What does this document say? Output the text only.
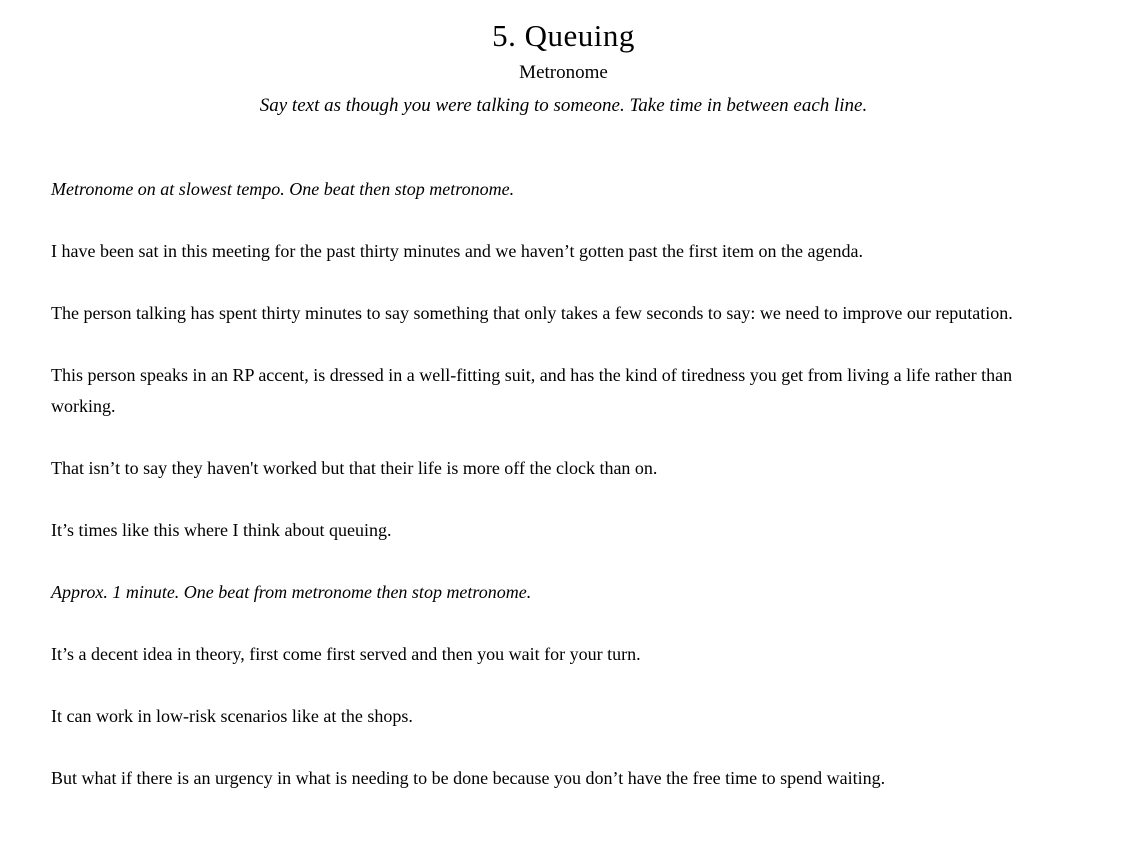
5. Queuing
Metronome
Say text as though you were talking to someone. Take time in between each line.

Metronome on at slowest tempo. One beat then stop metronome.

I have been sat in this meeting for the past thirty minutes and we haven’t gotten past the first item on the agenda.

The person talking has spent thirty minutes to say something that only takes a few seconds to say: we need to improve our reputation.

This person speaks in an RP accent, is dressed in a well-fitting suit, and has the kind of tiredness you get from living a life rather than working.

That isn’t to say they haven't worked but that their life is more off the clock than on.

It’s times like this where I think about queuing.

Approx. 1 minute. One beat from metronome then stop metronome.

It’s a decent idea in theory, first come first served and then you wait for your turn.

It can work in low-risk scenarios like at the shops.

But what if there is an urgency in what is needing to be done because you don’t have the free time to spend waiting.
